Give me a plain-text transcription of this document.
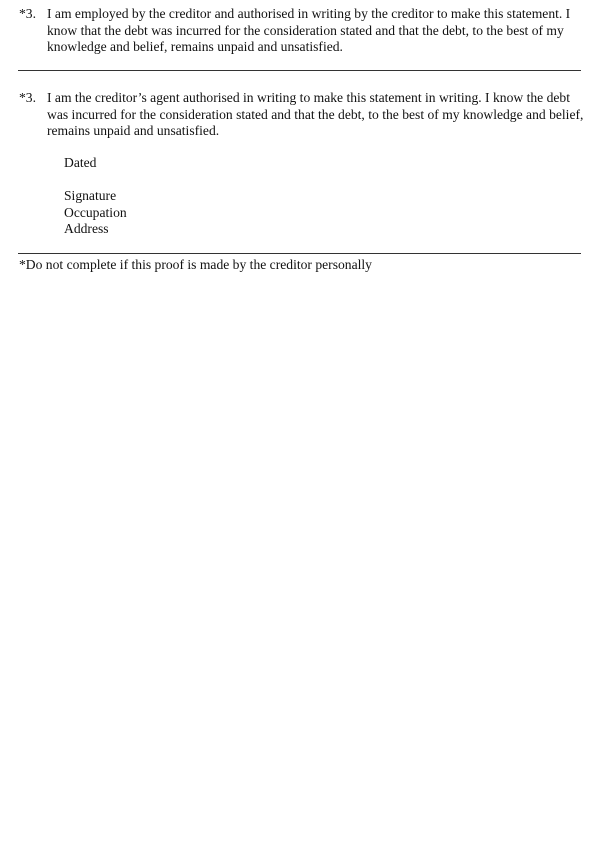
*3. I am employed by the creditor and authorised in writing by the creditor to make this statement. I know that the debt was incurred for the consideration stated and that the debt, to the best of my knowledge and belief, remains unpaid and unsatisfied.
*3. I am the creditor’s agent authorised in writing to make this statement in writing. I know the debt was incurred for the consideration stated and that the debt, to the best of my knowledge and belief, remains unpaid and unsatisfied.
Dated
Signature
Occupation
Address
*Do not complete if this proof is made by the creditor personally
